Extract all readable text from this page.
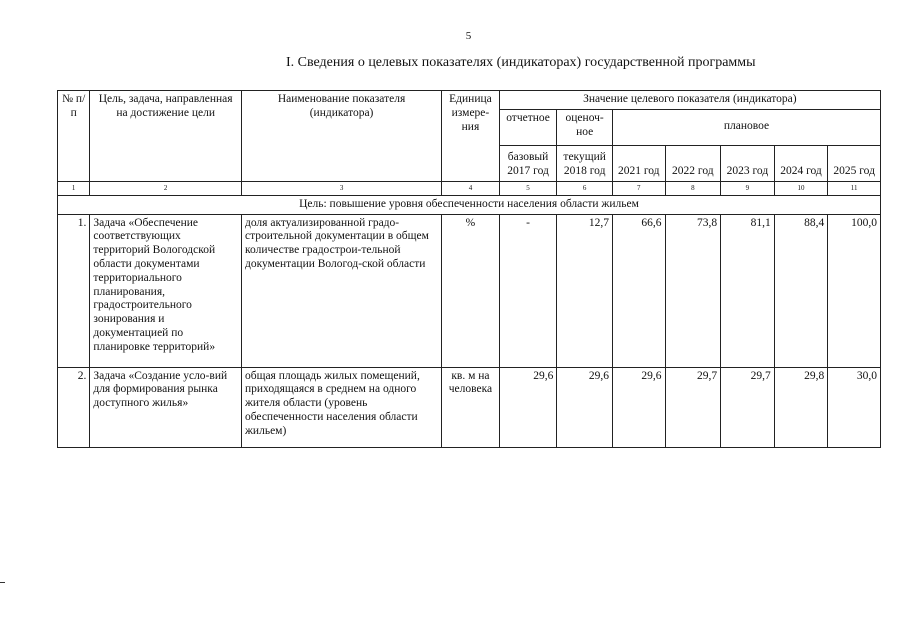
5
I. Сведения о целевых показателях (индикаторах) государственной программы
№ п/п	Цель, задача, направленная на достижение цели	Наименование показателя (индикатора)	Единица измере-ния	Значение целевого показателя (индикатора)						
				отчетное	оценоч-ное	плановое				
				базовый 2017 год	текущий 2018 год	2021 год	2022 год	2023 год	2024 год	2025 год
1	2	3	4	5	6	7	8	9	10	11
Цель: повышение уровня обеспеченности населения области жильем										
1.	Задача «Обеспечение соответствующих территорий Вологодской области документами территориального планирования, градостроительного зонирования и документацией по планировке территорий»	доля актуализированной градо-строительной документации в общем количестве градострои-тельной документации Вологод-ской области	%	-	12,7	66,6	73,8	81,1	88,4	100,0
2.	Задача «Создание усло-вий для формирования рынка доступного жилья»	общая площадь жилых помещений, приходящаяся в среднем на одного жителя области (уровень обеспеченности населения области жильем)	кв. м на человека	29,6	29,6	29,6	29,7	29,7	29,8	30,0
